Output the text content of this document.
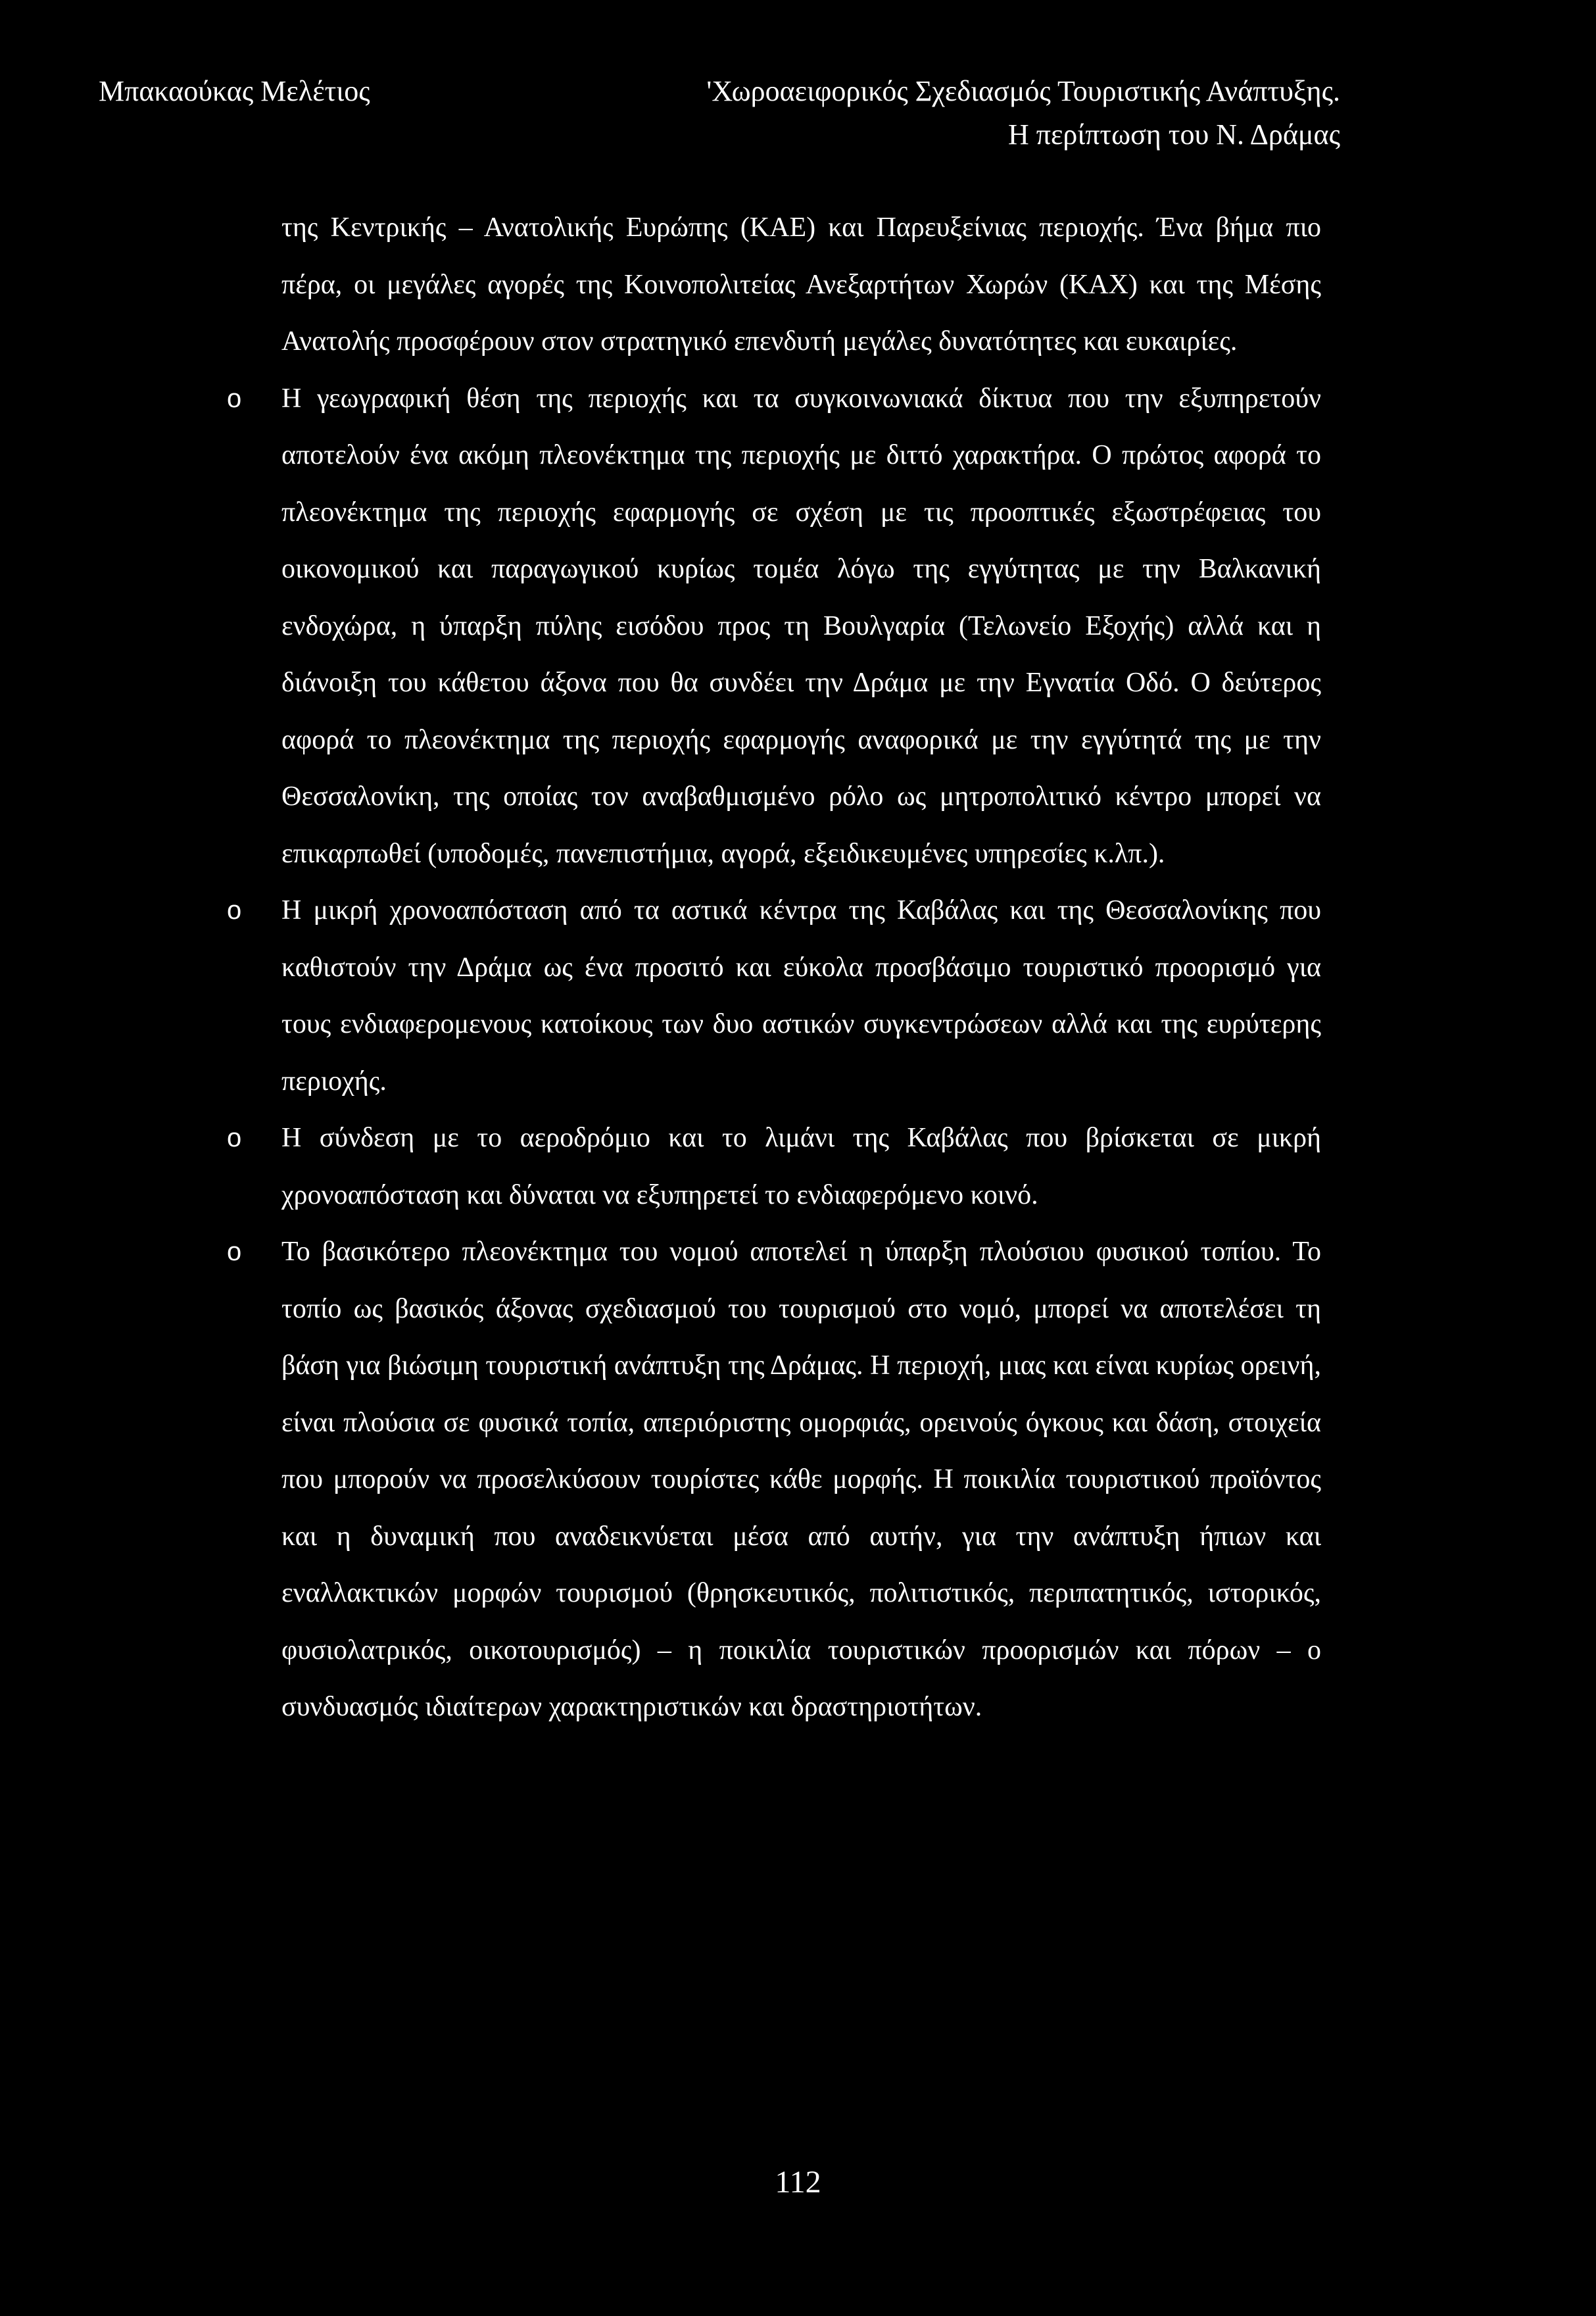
Μπακαούκας Μελέτιος	'Χωροαειφορικός Σχεδιασμός Τουριστικής Ανάπτυξης.
Η περίπτωση του Ν. Δράμας

της Κεντρικής – Ανατολικής Ευρώπης (ΚΑΕ) και Παρευξείνιας περιοχής. Ένα βήμα πιο πέρα, οι μεγάλες αγορές της Κοινοπολιτείας Ανεξαρτήτων Χωρών (ΚΑΧ) και της Μέσης Ανατολής προσφέρουν στον στρατηγικό επενδυτή μεγάλες δυνατότητες και ευκαιρίες.

o Η γεωγραφική θέση της περιοχής και τα συγκοινωνιακά δίκτυα που την εξυπηρετούν αποτελούν ένα ακόμη πλεονέκτημα της περιοχής με διττό χαρακτήρα. Ο πρώτος αφορά το πλεονέκτημα της περιοχής εφαρμογής σε σχέση με τις προοπτικές εξωστρέφειας του οικονομικού και παραγωγικού κυρίως τομέα λόγω της εγγύτητας με την Βαλκανική ενδοχώρα, η ύπαρξη πύλης εισόδου προς τη Βουλγαρία (Τελωνείο Εξοχής) αλλά και η διάνοιξη του κάθετου άξονα που θα συνδέει την Δράμα με την Εγνατία Οδό. Ο δεύτερος αφορά το πλεονέκτημα της περιοχής εφαρμογής αναφορικά με την εγγύτητά της με την Θεσσαλονίκη, της οποίας τον αναβαθμισμένο ρόλο ως μητροπολιτικό κέντρο μπορεί να επικαρπωθεί (υποδομές, πανεπιστήμια, αγορά, εξειδικευμένες υπηρεσίες κ.λπ.).

o Η μικρή χρονοαπόσταση από τα αστικά κέντρα της Καβάλας και της Θεσσαλονίκης που καθιστούν την Δράμα ως ένα προσιτό και εύκολα προσβάσιμο τουριστικό προορισμό για τους ενδιαφερομενους κατοίκους των δυο αστικών συγκεντρώσεων αλλά και της ευρύτερης περιοχής.

o Η σύνδεση με το αεροδρόμιο και το λιμάνι της Καβάλας που βρίσκεται σε μικρή χρονοαπόσταση και δύναται να εξυπηρετεί το ενδιαφερόμενο κοινό.

o Το βασικότερο πλεονέκτημα του νομού αποτελεί η ύπαρξη πλούσιου φυσικού τοπίου. Το τοπίο ως βασικός άξονας σχεδιασμού του τουρισμού στο νομό, μπορεί να αποτελέσει τη βάση για βιώσιμη τουριστική ανάπτυξη της Δράμας. Η περιοχή, μιας και είναι κυρίως ορεινή, είναι πλούσια σε φυσικά τοπία, απεριόριστης ομορφιάς, ορεινούς όγκους και δάση, στοιχεία που μπορούν να προσελκύσουν τουρίστες κάθε μορφής. Η ποικιλία τουριστικού προϊόντος και η δυναμική που αναδεικνύεται μέσα από αυτήν, για την ανάπτυξη ήπιων και εναλλακτικών μορφών τουρισμού (θρησκευτικός, πολιτιστικός, περιπατητικός, ιστορικός, φυσιολατρικός, οικοτουρισμός) – η ποικιλία τουριστικών προορισμών και πόρων – ο συνδυασμός ιδιαίτερων χαρακτηριστικών και δραστηριοτήτων.

112
